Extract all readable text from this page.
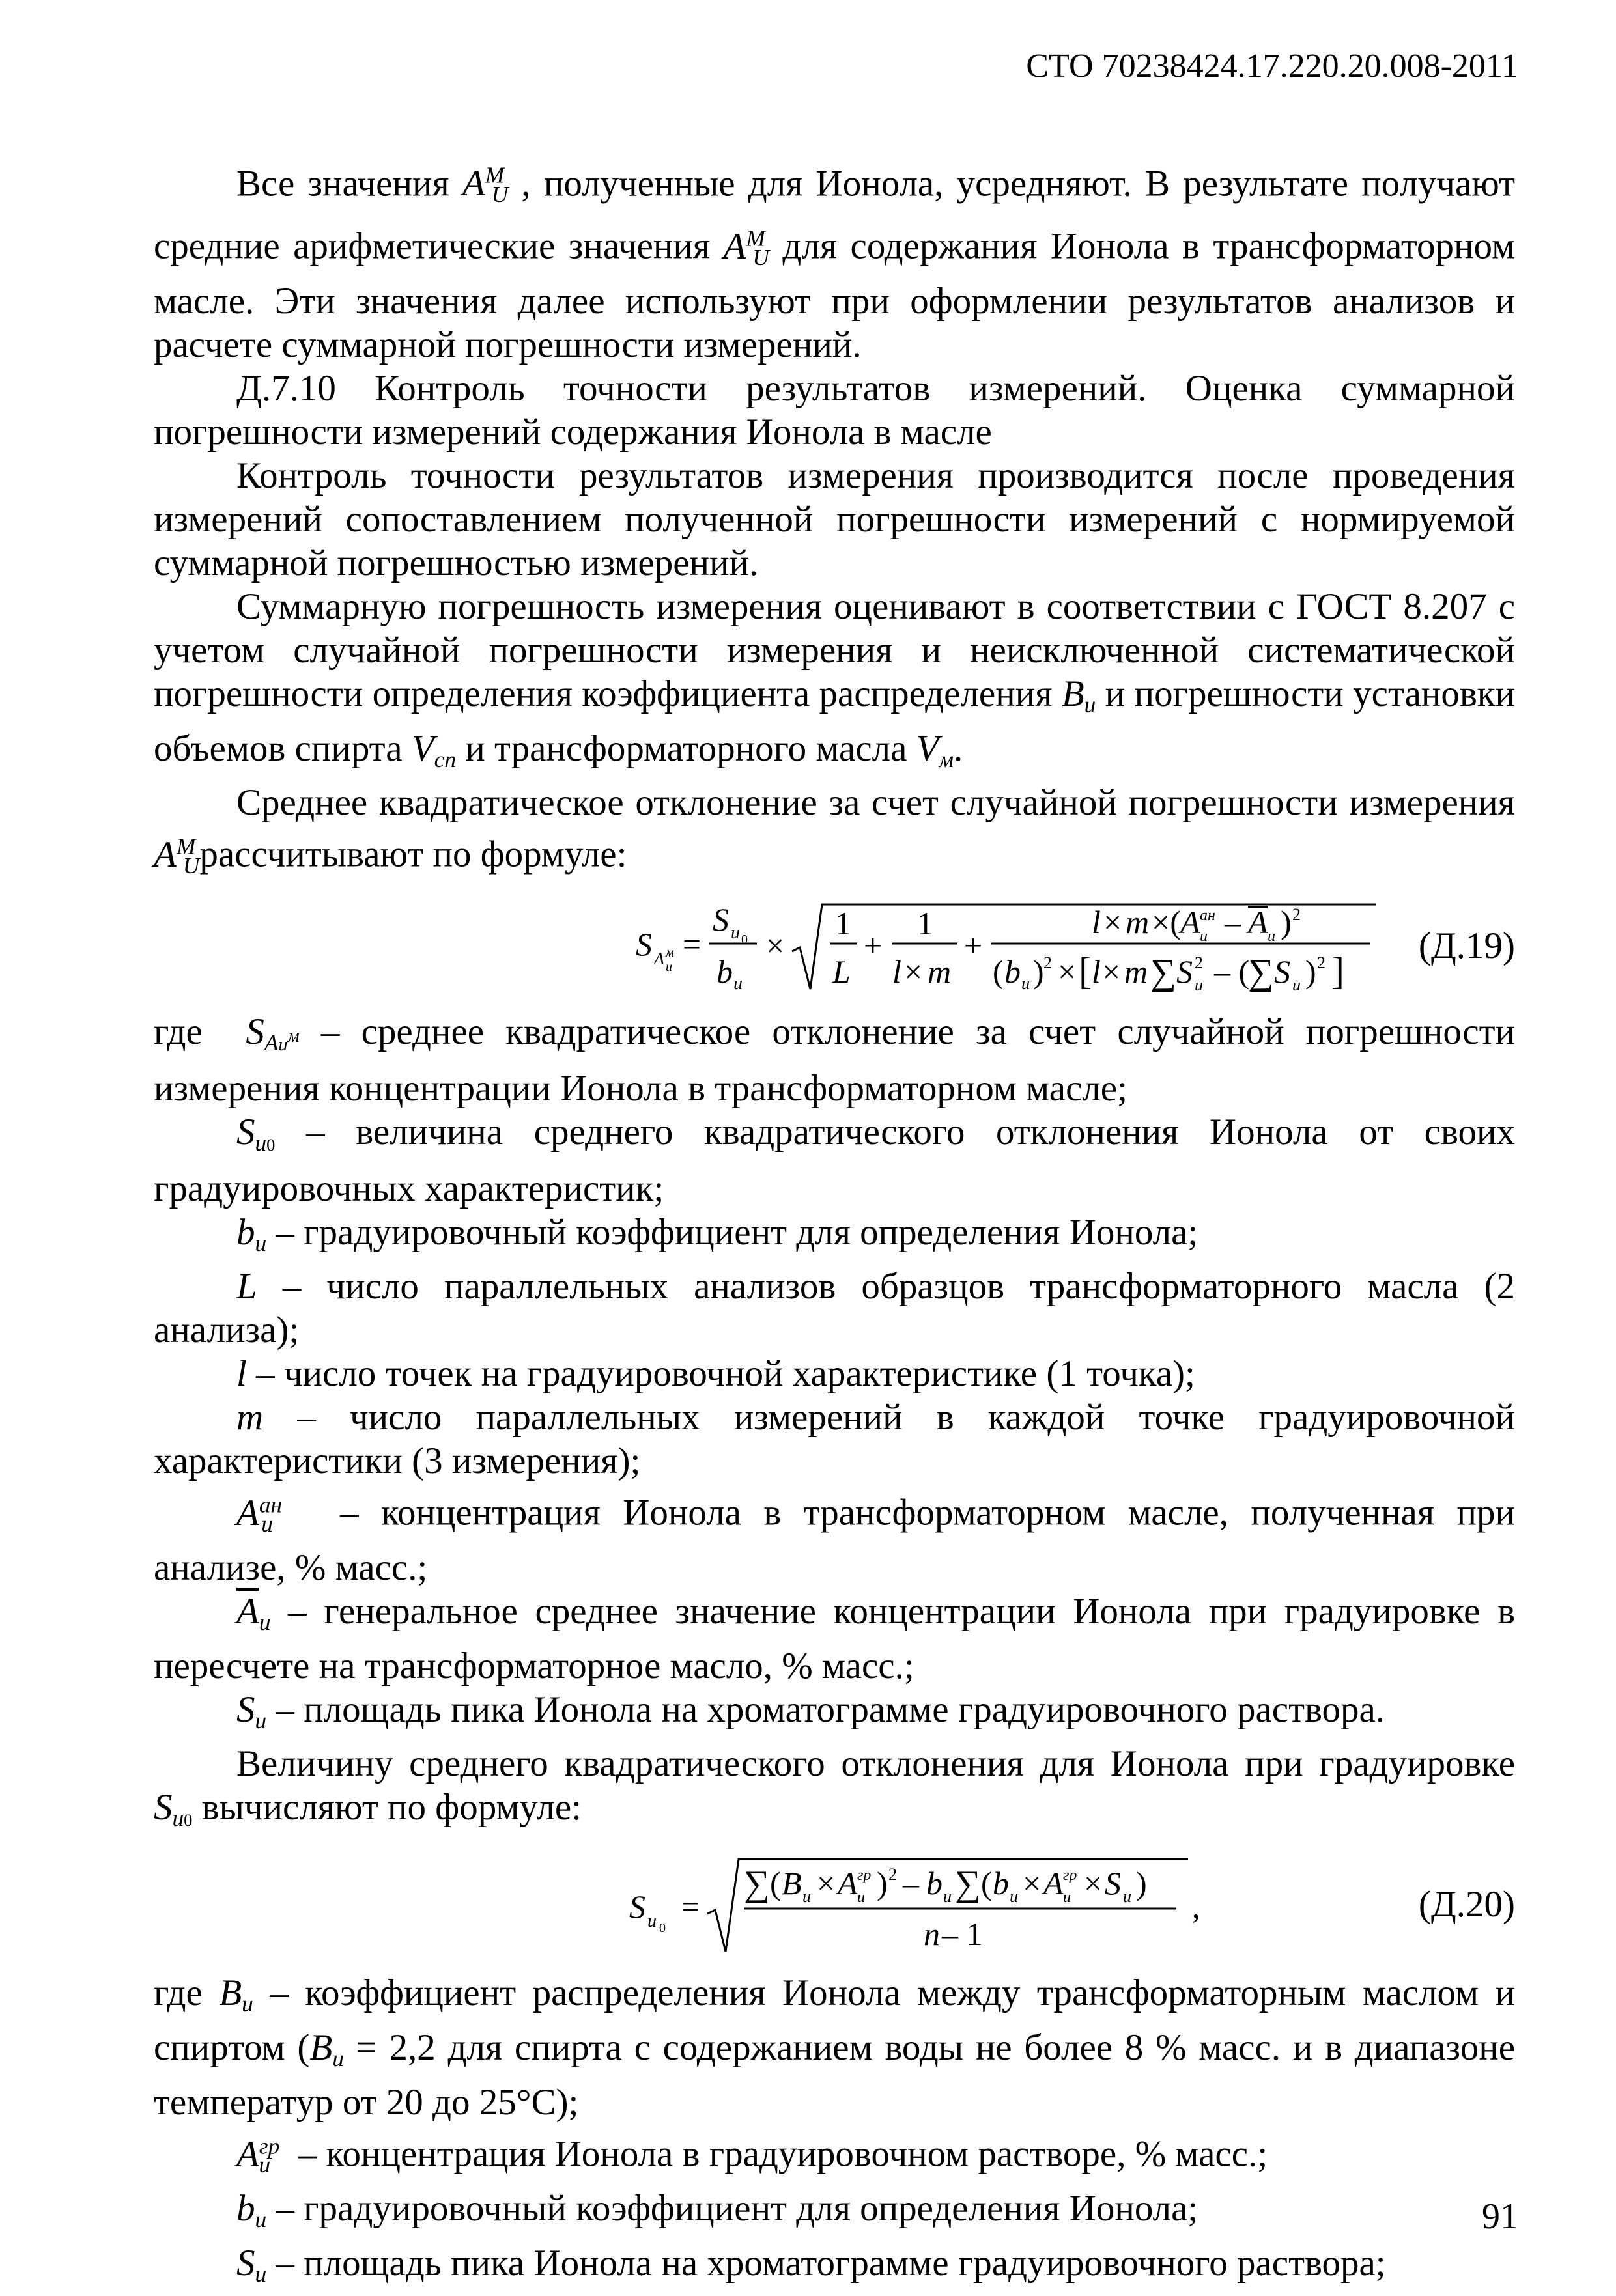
СТО 70238424.17.220.20.008-2011

Все значения $A^MU$ , полученные для Ионола, усредняют. В результате получают средние арифметические значения $A^MU$ для содержания Ионола в трансформаторном масле. Эти значения далее используют при оформлении результатов анализов и расчете суммарной погрешности измерений.

Д.7.10 Контроль точности результатов измерений. Оценка суммарной погрешности измерений содержания Ионола в масле

Контроль точности результатов измерения производится после проведения измерений сопоставлением полученной погрешности измерений с нормируемой суммарной погрешностью измерений.

Суммарную погрешность измерения оценивают в соответствии с ГОСТ 8.207 с учетом случайной погрешности измерения и неисключенной систематической погрешности определения коэффициента распределения Bи и погрешности установки объемов спирта Vсп и трансформаторного масла Vм.

Среднее квадратическое отклонение за счет случайной погрешности измерения $A^MUрассчитывают$ по формуле:

S A м
и
=
S и 0
b и
×
1
L
+
1
l × m
+
l × m ×( A ан
и – A и ) 2
( b и ) 2 × [ l × m ∑ S и
2 – (
∑ S и ) 2 ]
(Д.19)

где  SAи$^м$ – среднее квадратическое отклонение за счет случайной погрешности измерения концентрации Ионола в трансформаторном масле;

Sи0 – величина среднего квадратического отклонения Ионола от своих градуировочных характеристик;

bи – градуировочный коэффициент для определения Ионола;

L – число параллельных анализов образцов трансформаторного масла (2 анализа);

l – число точек на градуировочной характеристике (1 точка);

m – число параллельных измерений в каждой точке градуировочной характеристики (3 измерения);

$A^{ан}и$ – концентрация Ионола в трансформаторном масле, полученная при анализе, % масс.;

$\overline{A}и$ – генеральное среднее значение концентрации Ионола при градуировке в пересчете на трансформаторное масло, % масс.;

Sи – площадь пика Ионола на хроматограмме градуировочного раствора.

Величину среднего квадратического отклонения для Ионола при градуировке Sи0 вычисляют по формуле:

S и 0
=
∑ ( B и × A гр
и ) 2 – b и ∑ ( b и × A гр
и × S и )
n – 1
,	(Д.20)

где Bи – коэффициент распределения Ионола между трансформаторным маслом и спиртом (Bи = 2,2 для спирта с содержанием воды не более 8 % масс. и в диапазоне температур от 20 до 25°С);

$A^{гр}и$ – концентрация Ионола в градуировочном растворе, % масс.;

bи – градуировочный коэффициент для определения Ионола;

Sи – площадь пика Ионола на хроматограмме градуировочного раствора;

91
